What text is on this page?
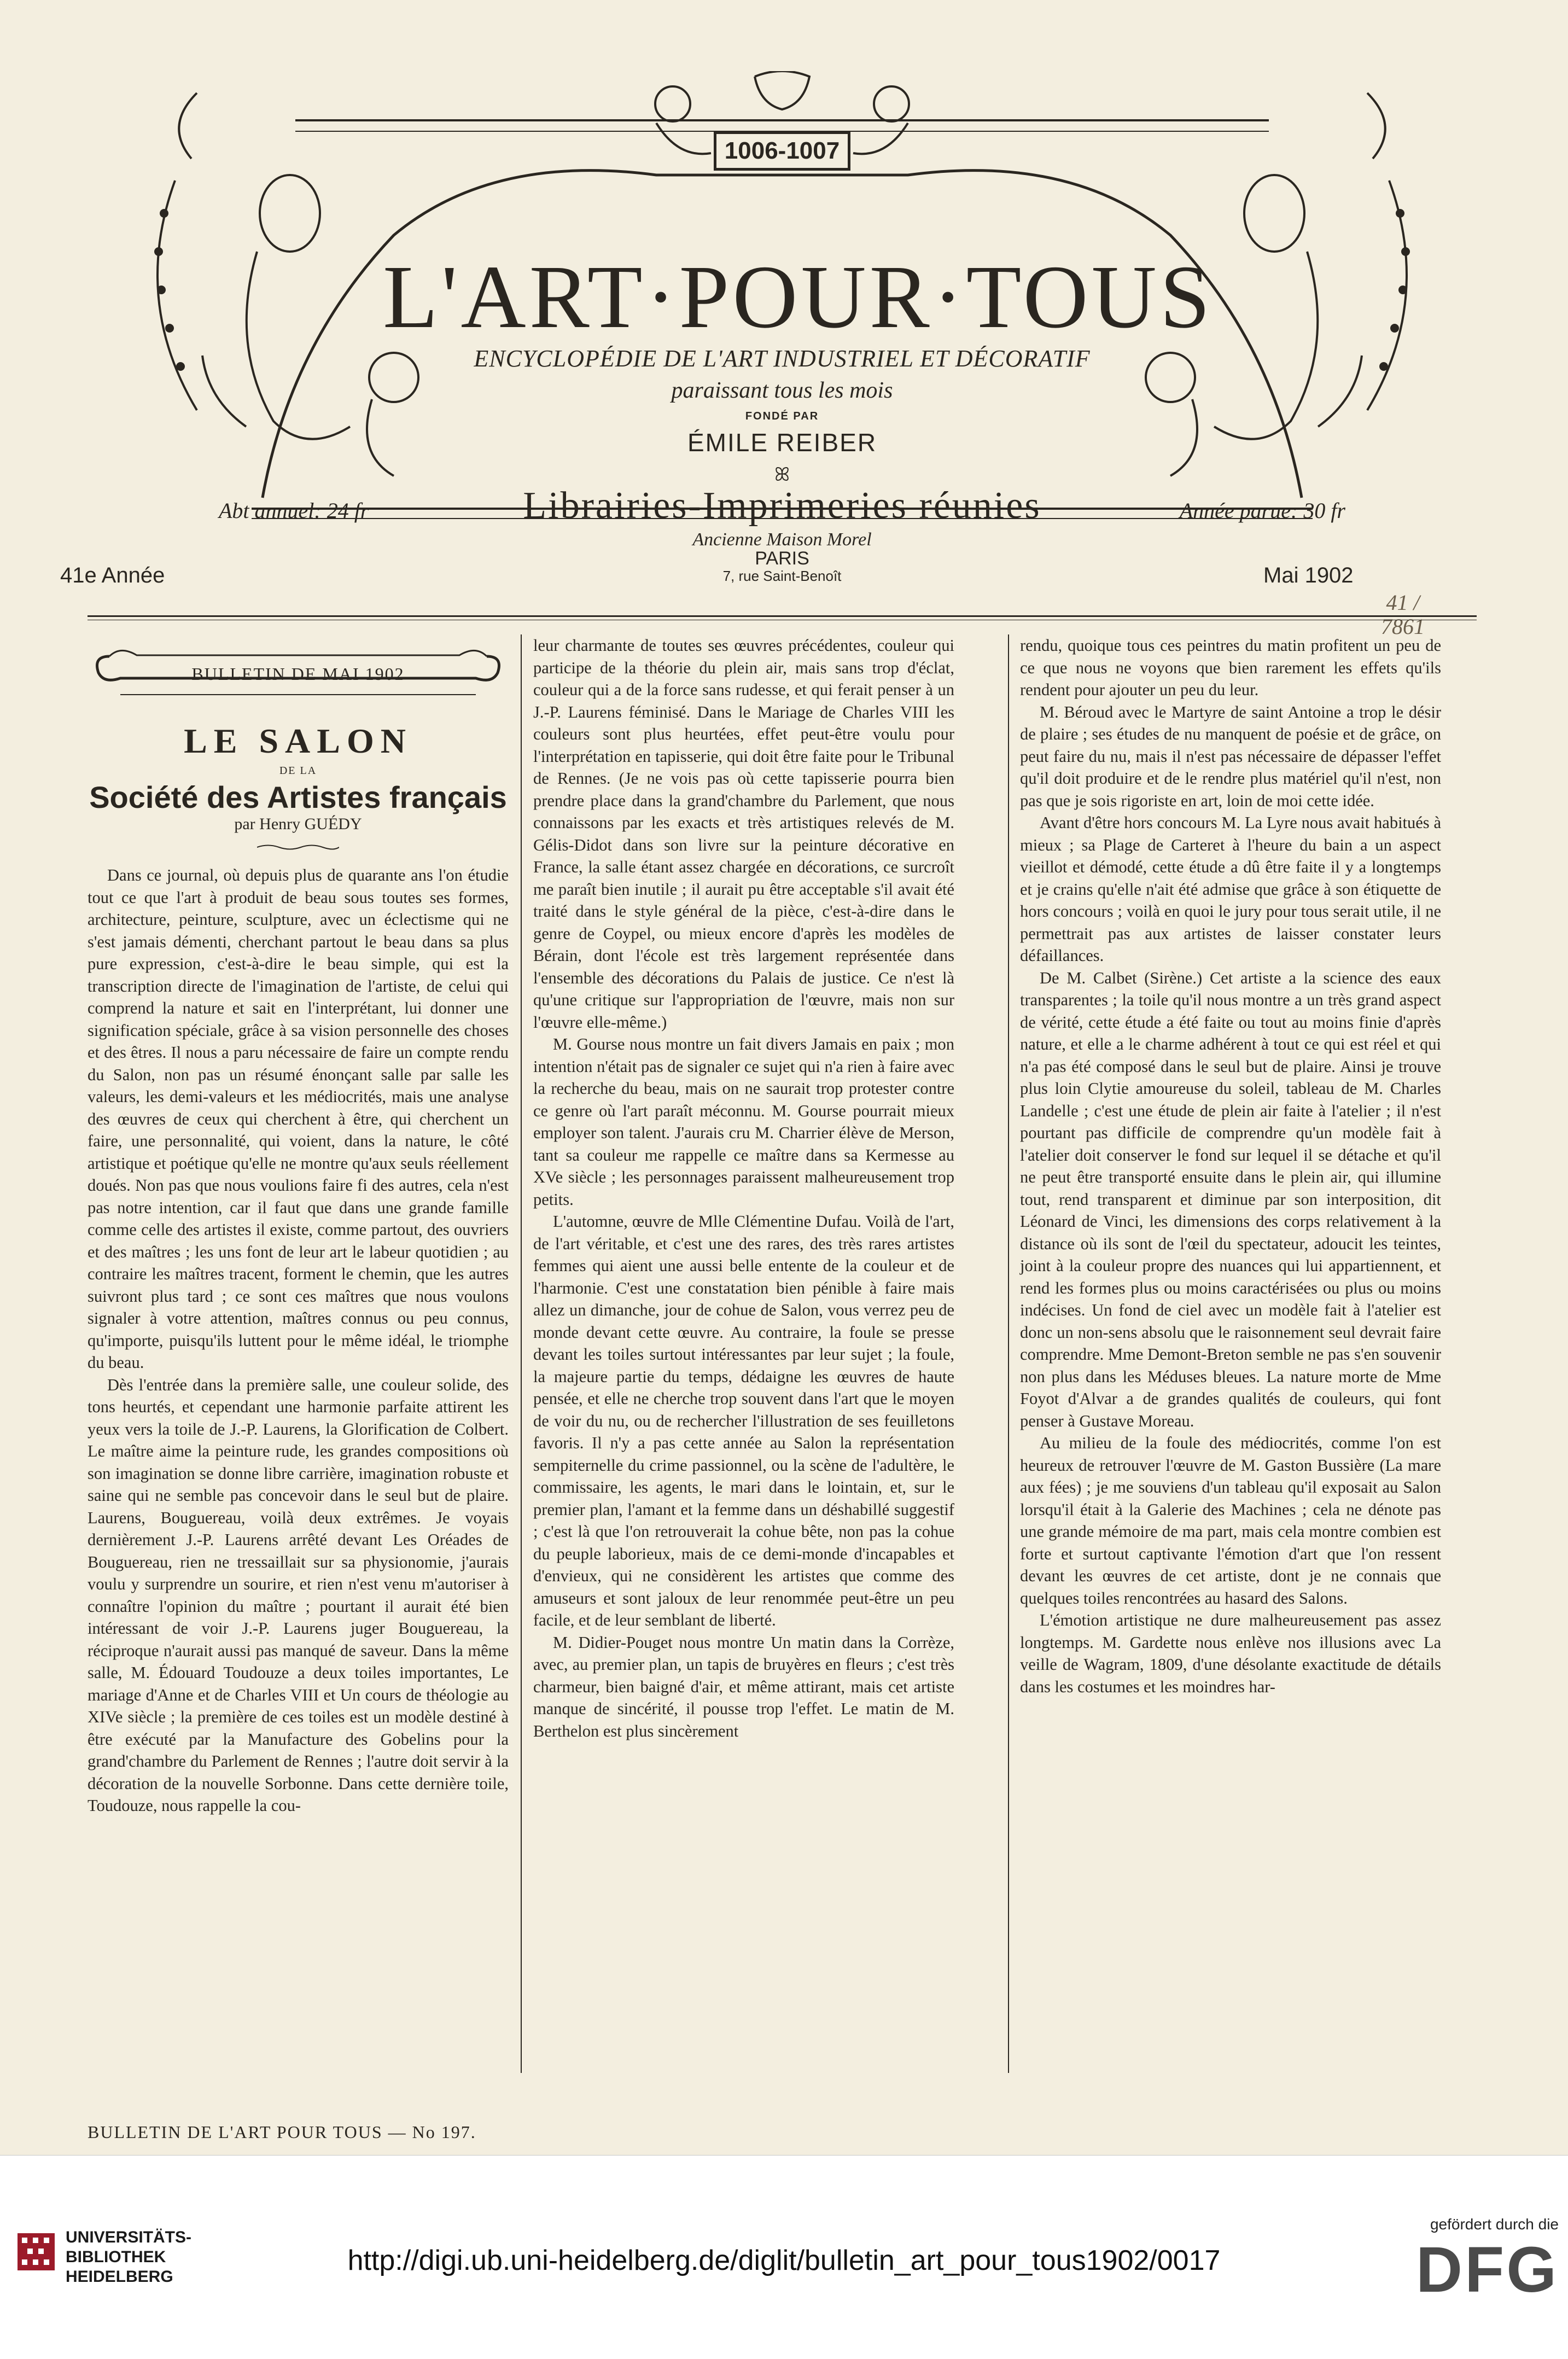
1006-1007
L'ART·POUR·TOUS
ENCYCLOPÉDIE DE L'ART INDUSTRIEL ET DÉCORATIF
paraissant tous les mois
FONDÉ PAR
ÉMILE REIBER
ꕤ
Librairies-Imprimeries réunies
Ancienne Maison Morel
PARIS
7, rue Saint-Benoît
Abt annuel: 24 fr	Année parue: 30 fr
41e Année	Mai 1902
41 / 7861
BULLETIN DE MAI 1902
LE SALON
DE LA
Société des Artistes français
par Henry GUÉDY

Dans ce journal, où depuis plus de quarante ans l'on étudie tout ce que l'art à produit de beau sous toutes ses formes, architecture, peinture, sculpture, avec un éclectisme qui ne s'est jamais démenti, cherchant partout le beau dans sa plus pure expression, c'est-à-dire le beau simple, qui est la transcription directe de l'imagination de l'artiste, de celui qui comprend la nature et sait en l'interprétant, lui donner une signification spéciale, grâce à sa vision personnelle des choses et des êtres. Il nous a paru nécessaire de faire un compte rendu du Salon, non pas un résumé énonçant salle par salle les valeurs, les demi-valeurs et les médiocrités, mais une analyse des œuvres de ceux qui cherchent à être, qui cherchent un faire, une personnalité, qui voient, dans la nature, le côté artistique et poétique qu'elle ne montre qu'aux seuls réellement doués. Non pas que nous voulions faire fi des autres, cela n'est pas notre intention, car il faut que dans une grande famille comme celle des artistes il existe, comme partout, des ouvriers et des maîtres ; les uns font de leur art le labeur quotidien ; au contraire les maîtres tracent, forment le chemin, que les autres suivront plus tard ; ce sont ces maîtres que nous voulons signaler à votre attention, maîtres connus ou peu connus, qu'importe, puisqu'ils luttent pour le même idéal, le triomphe du beau.

Dès l'entrée dans la première salle, une couleur solide, des tons heurtés, et cependant une harmonie parfaite attirent les yeux vers la toile de J.-P. Laurens, la Glorification de Colbert. Le maître aime la peinture rude, les grandes compositions où son imagination se donne libre carrière, imagination robuste et saine qui ne semble pas concevoir dans le seul but de plaire. Laurens, Bouguereau, voilà deux extrêmes. Je voyais dernièrement J.-P. Laurens arrêté devant Les Oréades de Bouguereau, rien ne tressaillait sur sa physionomie, j'aurais voulu y surprendre un sourire, et rien n'est venu m'autoriser à connaître l'opinion du maître ; pourtant il aurait été bien intéressant de voir J.-P. Laurens juger Bouguereau, la réciproque n'aurait aussi pas manqué de saveur. Dans la même salle, M. Édouard Toudouze a deux toiles importantes, Le mariage d'Anne et de Charles VIII et Un cours de théologie au XIVe siècle ; la première de ces toiles est un modèle destiné à être exécuté par la Manufacture des Gobelins pour la grand'chambre du Parlement de Rennes ; l'autre doit servir à la décoration de la nouvelle Sorbonne. Dans cette dernière toile, Toudouze, nous rappelle la cou-

leur charmante de toutes ses œuvres précédentes, couleur qui participe de la théorie du plein air, mais sans trop d'éclat, couleur qui a de la force sans rudesse, et qui ferait penser à un J.-P. Laurens féminisé. Dans le Mariage de Charles VIII les couleurs sont plus heurtées, effet peut-être voulu pour l'interprétation en tapisserie, qui doit être faite pour le Tribunal de Rennes. (Je ne vois pas où cette tapisserie pourra bien prendre place dans la grand'chambre du Parlement, que nous connaissons par les exacts et très artistiques relevés de M. Gélis-Didot dans son livre sur la peinture décorative en France, la salle étant assez chargée en décorations, ce surcroît me paraît bien inutile ; il aurait pu être acceptable s'il avait été traité dans le style général de la pièce, c'est-à-dire dans le genre de Coypel, ou mieux encore d'après les modèles de Bérain, dont l'école est très largement représentée dans l'ensemble des décorations du Palais de justice. Ce n'est là qu'une critique sur l'appropriation de l'œuvre, mais non sur l'œuvre elle-même.)

M. Gourse nous montre un fait divers Jamais en paix ; mon intention n'était pas de signaler ce sujet qui n'a rien à faire avec la recherche du beau, mais on ne saurait trop protester contre ce genre où l'art paraît méconnu. M. Gourse pourrait mieux employer son talent. J'aurais cru M. Charrier élève de Merson, tant sa couleur me rappelle ce maître dans sa Kermesse au XVe siècle ; les personnages paraissent malheureusement trop petits.

L'automne, œuvre de Mlle Clémentine Dufau. Voilà de l'art, de l'art véritable, et c'est une des rares, des très rares artistes femmes qui aient une aussi belle entente de la couleur et de l'harmonie. C'est une constatation bien pénible à faire mais allez un dimanche, jour de cohue de Salon, vous verrez peu de monde devant cette œuvre. Au contraire, la foule se presse devant les toiles surtout intéressantes par leur sujet ; la foule, la majeure partie du temps, dédaigne les œuvres de haute pensée, et elle ne cherche trop souvent dans l'art que le moyen de voir du nu, ou de rechercher l'illustration de ses feuilletons favoris. Il n'y a pas cette année au Salon la représentation sempiternelle du crime passionnel, ou la scène de l'adultère, le commissaire, les agents, le mari dans le lointain, et, sur le premier plan, l'amant et la femme dans un déshabillé suggestif ; c'est là que l'on retrouverait la cohue bête, non pas la cohue du peuple laborieux, mais de ce demi-monde d'incapables et d'envieux, qui ne considèrent les artistes que comme des amuseurs et sont jaloux de leur renommée peut-être un peu facile, et de leur semblant de liberté.

M. Didier-Pouget nous montre Un matin dans la Corrèze, avec, au premier plan, un tapis de bruyères en fleurs ; c'est très charmeur, bien baigné d'air, et même attirant, mais cet artiste manque de sincérité, il pousse trop l'effet. Le matin de M. Berthelon est plus sincèrement

rendu, quoique tous ces peintres du matin profitent un peu de ce que nous ne voyons que bien rarement les effets qu'ils rendent pour ajouter un peu du leur.

M. Béroud avec le Martyre de saint Antoine a trop le désir de plaire ; ses études de nu manquent de poésie et de grâce, on peut faire du nu, mais il n'est pas nécessaire de dépasser l'effet qu'il doit produire et de le rendre plus matériel qu'il n'est, non pas que je sois rigoriste en art, loin de moi cette idée.

Avant d'être hors concours M. La Lyre nous avait habitués à mieux ; sa Plage de Carteret à l'heure du bain a un aspect vieillot et démodé, cette étude a dû être faite il y a longtemps et je crains qu'elle n'ait été admise que grâce à son étiquette de hors concours ; voilà en quoi le jury pour tous serait utile, il ne permettrait pas aux artistes de laisser constater leurs défaillances.

De M. Calbet (Sirène.) Cet artiste a la science des eaux transparentes ; la toile qu'il nous montre a un très grand aspect de vérité, cette étude a été faite ou tout au moins finie d'après nature, et elle a le charme adhérent à tout ce qui est réel et qui n'a pas été composé dans le seul but de plaire. Ainsi je trouve plus loin Clytie amoureuse du soleil, tableau de M. Charles Landelle ; c'est une étude de plein air faite à l'atelier ; il n'est pourtant pas difficile de comprendre qu'un modèle fait à l'atelier doit conserver le fond sur lequel il se détache et qu'il ne peut être transporté ensuite dans le plein air, qui illumine tout, rend transparent et diminue par son interposition, dit Léonard de Vinci, les dimensions des corps relativement à la distance où ils sont de l'œil du spectateur, adoucit les teintes, joint à la couleur propre des nuances qui lui appartiennent, et rend les formes plus ou moins caractérisées ou plus ou moins indécises. Un fond de ciel avec un modèle fait à l'atelier est donc un non-sens absolu que le raisonnement seul devrait faire comprendre. Mme Demont-Breton semble ne pas s'en souvenir non plus dans les Méduses bleues. La nature morte de Mme Foyot d'Alvar a de grandes qualités de couleurs, qui font penser à Gustave Moreau.

Au milieu de la foule des médiocrités, comme l'on est heureux de retrouver l'œuvre de M. Gaston Bussière (La mare aux fées) ; je me souviens d'un tableau qu'il exposait au Salon lorsqu'il était à la Galerie des Machines ; cela ne dénote pas une grande mémoire de ma part, mais cela montre combien est forte et surtout captivante l'émotion d'art que l'on ressent devant les œuvres de cet artiste, dont je ne connais que quelques toiles rencontrées au hasard des Salons.

L'émotion artistique ne dure malheureusement pas assez longtemps. M. Gardette nous enlève nos illusions avec La veille de Wagram, 1809, d'une désolante exactitude de détails dans les costumes et les moindres har-

BULLETIN DE L'ART POUR TOUS — No 197.
UNIVERSITÄTS-
BIBLIOTHEK
HEIDELBERG
http://digi.ub.uni-heidelberg.de/diglit/bulletin_art_pour_tous1902/0017
gefördert durch die
DFG
